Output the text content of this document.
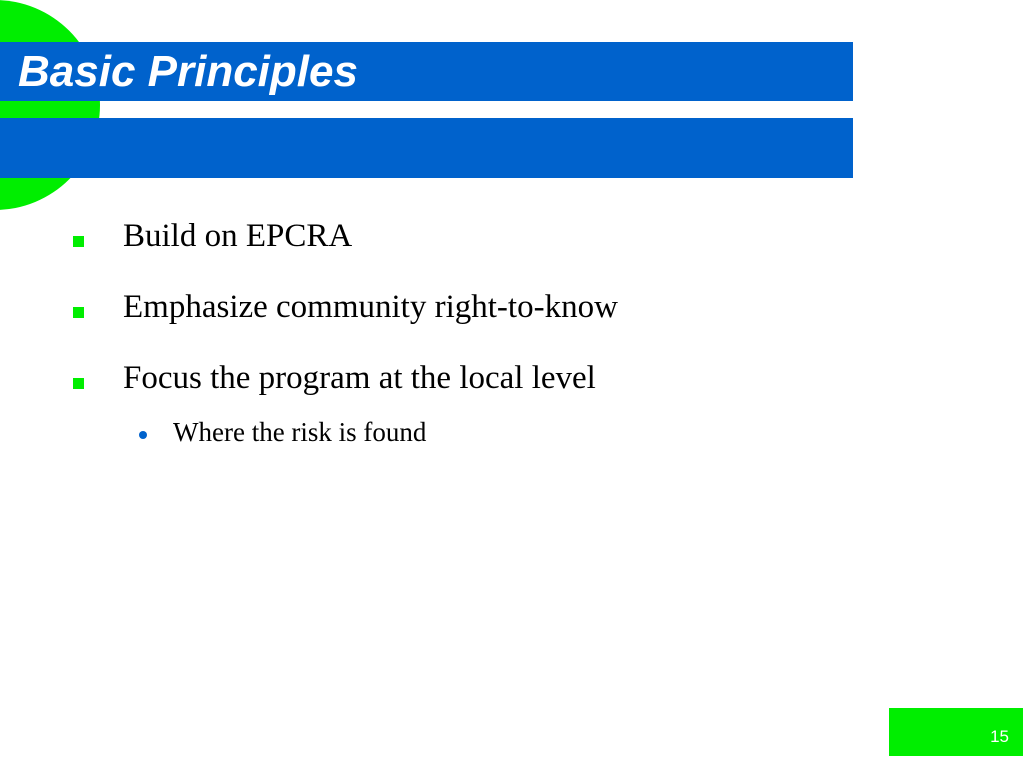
Basic Principles
Build on EPCRA
Emphasize community right-to-know
Focus the program at the local level
Where the risk is found
15
